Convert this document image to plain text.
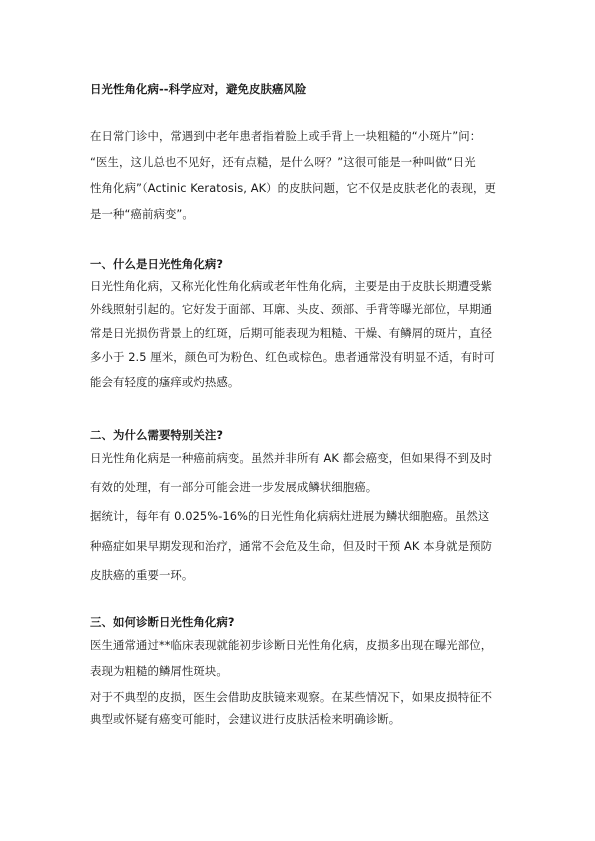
日光性角化病--科学应对，避免皮肤癌风险
在日常门诊中，常遇到中老年患者指着脸上或手背上一块粗糙的“小斑片”问：
“医生，这儿总也不见好，还有点糙，是什么呀？”这很可能是一种叫做“日光
性角化病”（Actinic Keratosis, AK）的皮肤问题，它不仅是皮肤老化的表现，更
是一种“癌前病变”。
一、什么是日光性角化病?
日光性角化病，又称光化性角化病或老年性角化病，主要是由于皮肤长期遭受紫
外线照射引起的。它好发于面部、耳廓、头皮、颈部、手背等曝光部位，早期通
常是日光损伤背景上的红斑，后期可能表现为粗糙、干燥、有鳞屑的斑片，直径
多小于 2.5 厘米，颜色可为粉色、红色或棕色。患者通常没有明显不适，有时可
能会有轻度的瘙痒或灼热感。
二、为什么需要特别关注?
日光性角化病是一种癌前病变。虽然并非所有 AK 都会癌变，但如果得不到及时
有效的处理，有一部分可能会进一步发展成鳞状细胞癌。
据统计，每年有 0.025%-16%的日光性角化病病灶进展为鳞状细胞癌。虽然这
种癌症如果早期发现和治疗，通常不会危及生命，但及时干预 AK 本身就是预防
皮肤癌的重要一环。
三、如何诊断日光性角化病?
医生通常通过**临床表现就能初步诊断日光性角化病，皮损多出现在曝光部位，
表现为粗糙的鳞屑性斑块。
对于不典型的皮损，医生会借助皮肤镜来观察。在某些情况下，如果皮损特征不
典型或怀疑有癌变可能时，会建议进行皮肤活检来明确诊断。
